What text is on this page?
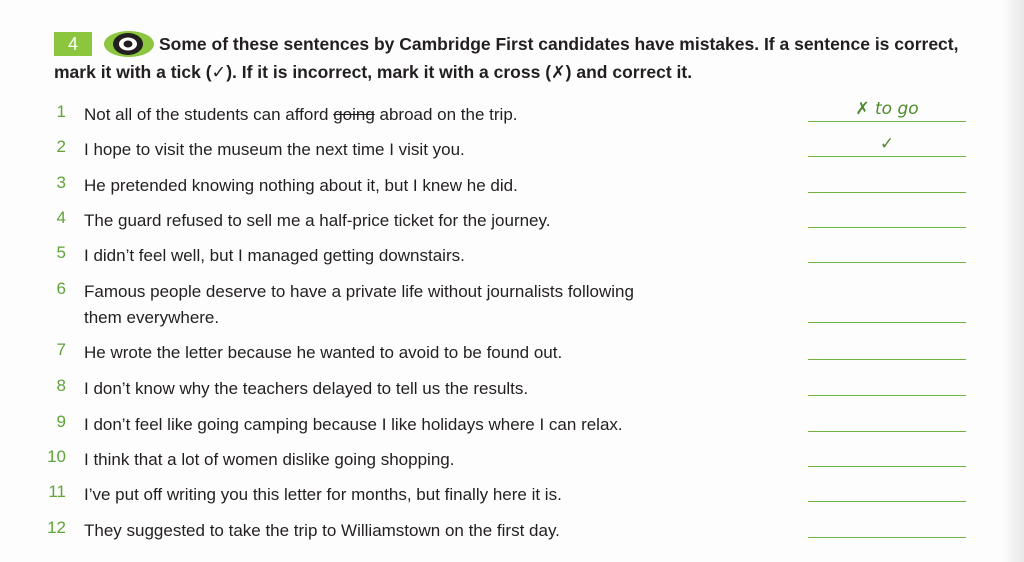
Some of these sentences by Cambridge First candidates have mistakes. If a sentence is correct, mark it with a tick (✓). If it is incorrect, mark it with a cross (✗) and correct it.
4
1 Not all of the students can afford going abroad on the trip.	✗ to go
2 I hope to visit the museum the next time I visit you.	✓
3 He pretended knowing nothing about it, but I knew he did.
4 The guard refused to sell me a half-price ticket for the journey.
5 I didn’t feel well, but I managed getting downstairs.
6 Famous people deserve to have a private life without journalists following
them everywhere.
7 He wrote the letter because he wanted to avoid to be found out.
8 I don’t know why the teachers delayed to tell us the results.
9 I don’t feel like going camping because I like holidays where I can relax.
10 I think that a lot of women dislike going shopping.
11 I’ve put off writing you this letter for months, but finally here it is.
12 They suggested to take the trip to Williamstown on the first day.
